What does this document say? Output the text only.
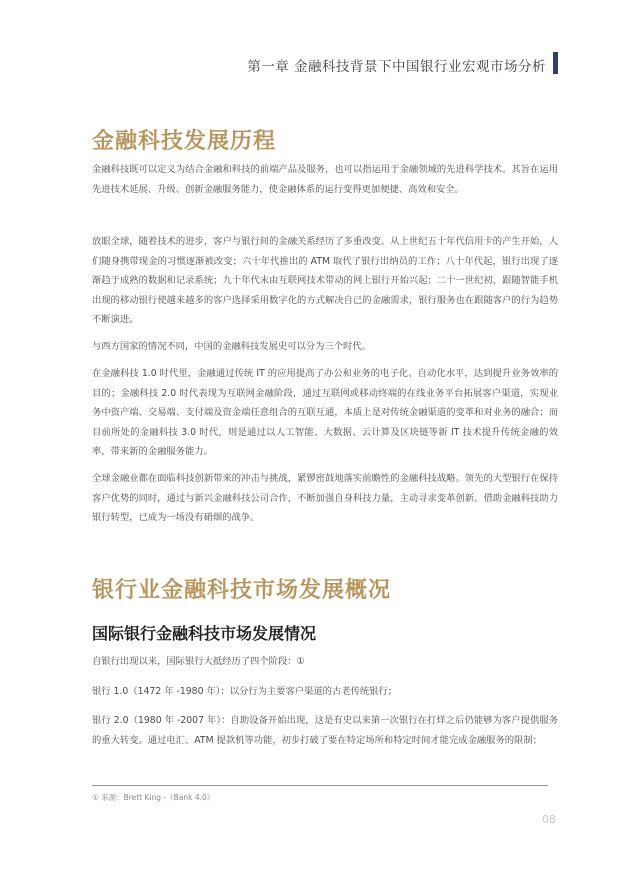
第一章 金融科技背景下中国银行业宏观市场分析
金融科技发展历程

金融科技既可以定义为结合金融和科技的前端产品及服务，也可以指运用于金融领域的先进科学技术。其旨在运用先进技术延展、升级、创新金融服务能力，使金融体系的运行变得更加便捷、高效和安全。

放眼全球，随着技术的进步，客户与银行间的金融关系经历了多重改变。从上世纪五十年代信用卡的产生开始，人们随身携带现金的习惯逐渐被改变；六十年代推出的 ATM 取代了银行出纳员的工作；八十年代起，银行出现了逐渐趋于成熟的数据和记录系统；九十年代末由互联网技术带动的网上银行开始兴起；二十一世纪初，跟随智能手机出现的移动银行使越来越多的客户选择采用数字化的方式解决自己的金融需求，银行服务也在跟随客户的行为趋势不断演进。

与西方国家的情况不同，中国的金融科技发展史可以分为三个时代。

在金融科技 1.0 时代里，金融通过传统 IT 的应用提高了办公和业务的电子化、自动化水平，达到提升业务效率的目的；金融科技 2.0 时代表现为互联网金融阶段，通过互联网或移动终端的在线业务平台拓展客户渠道，实现业务中资产端、交易端、支付端及资金端任意组合的互联互通，本质上是对传统金融渠道的变革和对业务的融合；而目前所处的金融科技 3.0 时代，则是通过以人工智能、大数据、云计算及区块链等新 IT 技术提升传统金融的效率，带来新的金融服务能力。

全球金融业都在面临科技创新带来的冲击与挑战，紧锣密鼓地落实前瞻性的金融科技战略。领先的大型银行在保持客户优势的同时，通过与新兴金融科技公司合作，不断加强自身科技力量，主动寻求变革创新。借助金融科技助力银行转型，已成为一场没有硝烟的战争。

银行业金融科技市场发展概况
国际银行金融科技市场发展情况

自银行出现以来，国际银行大抵经历了四个阶段：①

银行 1.0（1472 年 -1980 年）：以分行为主要客户渠道的古老传统银行；

银行 2.0（1980 年 -2007 年）：自助设备开始出现，这是有史以来第一次银行在打烊之后仍能够为客户提供服务的重大转变。通过电汇、ATM 提款机等功能，初步打破了要在特定场所和特定时间才能完成金融服务的限制；

① 来源：Brett King -《Bank 4.0》
08
